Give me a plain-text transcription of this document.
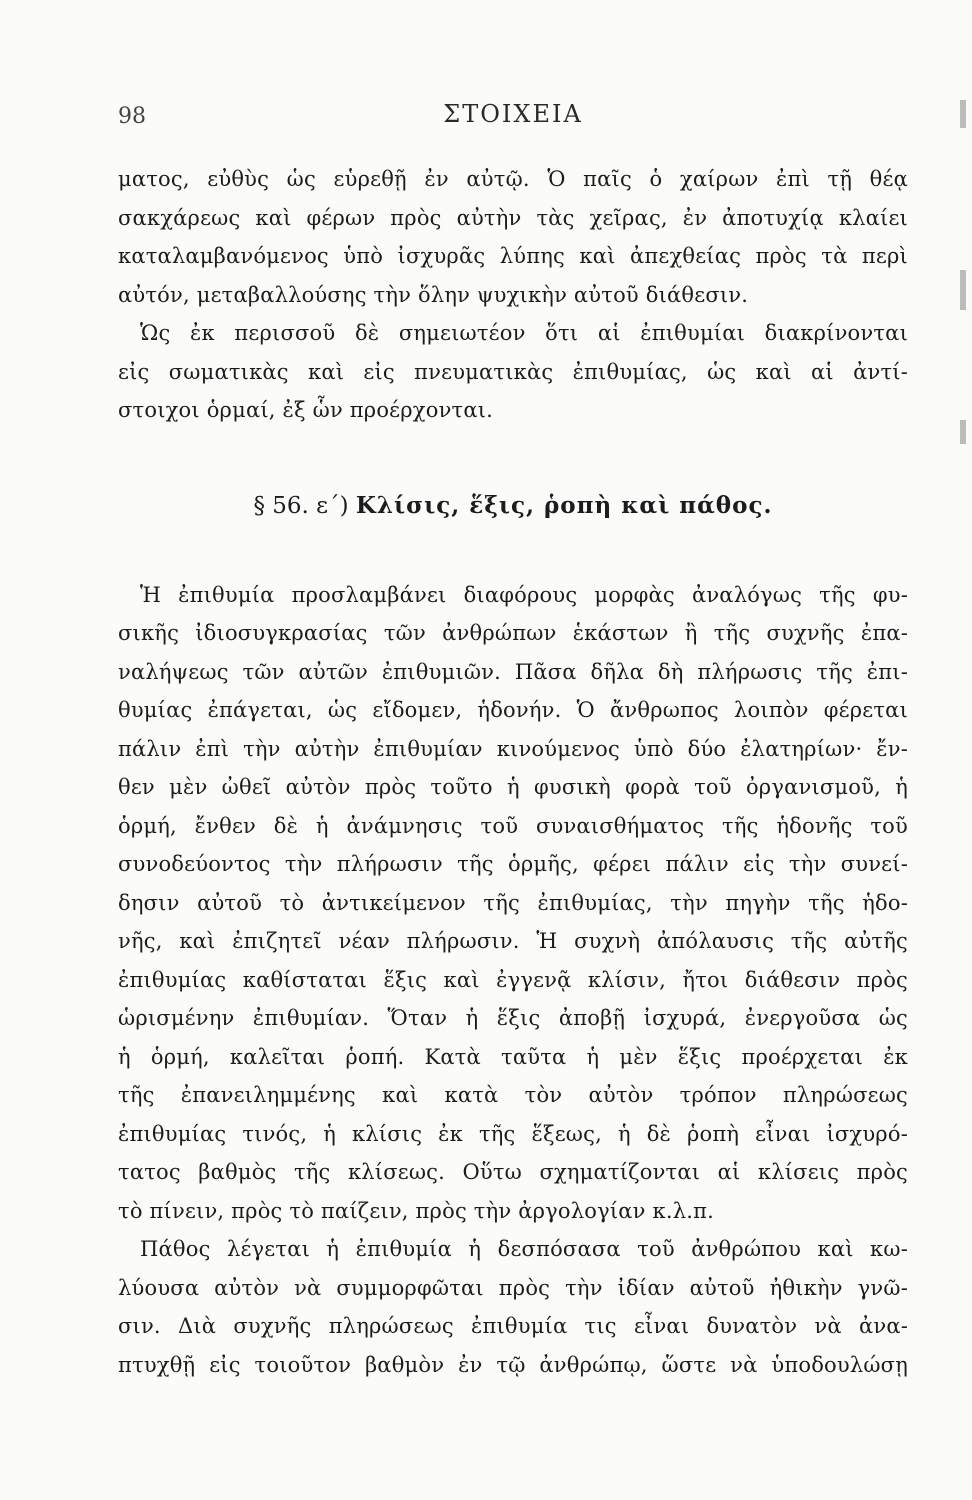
98	ΣΤΟΙΧΕΙΑ
ματος, εὐθὺς ὡς εὑρεθῇ ἐν αὐτῷ. Ὁ παῖς ὁ χαίρων ἐπὶ τῇ θέᾳ
σακχάρεως καὶ φέρων πρὸς αὐτὴν τὰς χεῖρας, ἐν ἀποτυχίᾳ κλαίει
καταλαμβανόμενος ὑπὸ ἰσχυρᾶς λύπης καὶ ἀπεχθείας πρὸς τὰ περὶ
αὐτόν, μεταβαλλούσης τὴν ὅλην ψυχικὴν αὐτοῦ διάθεσιν.
Ὡς ἐκ περισσοῦ δὲ σημειωτέον ὅτι αἱ ἐπιθυμίαι διακρίνονται
εἰς σωματικὰς καὶ εἰς πνευματικὰς ἐπιθυμίας, ὡς καὶ αἱ ἀντί-
στοιχοι ὁρμαί, ἐξ ὧν προέρχονται.
§ 56. ε΄) Κλίσις, ἕξις, ῥοπὴ καὶ πάθος.
Ἡ ἐπιθυμία προσλαμβάνει διαφόρους μορφὰς ἀναλόγως τῆς φυ-
σικῆς ἰδιοσυγκρασίας τῶν ἀνθρώπων ἑκάστων ἢ τῆς συχνῆς ἐπα-
ναλήψεως τῶν αὐτῶν ἐπιθυμιῶν. Πᾶσα δῆλα δὴ πλήρωσις τῆς ἐπι-
θυμίας ἐπάγεται, ὡς εἴδομεν, ἡδονήν. Ὁ ἄνθρωπος λοιπὸν φέρεται
πάλιν ἐπὶ τὴν αὐτὴν ἐπιθυμίαν κινούμενος ὑπὸ δύο ἐλατηρίων· ἔν-
θεν μὲν ὠθεῖ αὐτὸν πρὸς τοῦτο ἡ φυσικὴ φορὰ τοῦ ὀργανισμοῦ, ἡ
ὁρμή, ἔνθεν δὲ ἡ ἀνάμνησις τοῦ συναισθήματος τῆς ἡδονῆς τοῦ
συνοδεύοντος τὴν πλήρωσιν τῆς ὁρμῆς, φέρει πάλιν εἰς τὴν συνεί-
δησιν αὐτοῦ τὸ ἀντικείμενον τῆς ἐπιθυμίας, τὴν πηγὴν τῆς ἡδο-
νῆς, καὶ ἐπιζητεῖ νέαν πλήρωσιν. Ἡ συχνὴ ἀπόλαυσις τῆς αὐτῆς
ἐπιθυμίας καθίσταται ἕξις καὶ ἐγγενᾷ κλίσιν, ἤτοι διάθεσιν πρὸς
ὡρισμένην ἐπιθυμίαν. Ὅταν ἡ ἕξις ἀποβῇ ἰσχυρά, ἐνεργοῦσα ὡς
ἡ ὁρμή, καλεῖται ῥοπή. Κατὰ ταῦτα ἡ μὲν ἕξις προέρχεται ἐκ
τῆς ἐπανειλημμένης καὶ κατὰ τὸν αὐτὸν τρόπον πληρώσεως
ἐπιθυμίας τινός, ἡ κλίσις ἐκ τῆς ἕξεως, ἡ δὲ ῥοπὴ εἶναι ἰσχυρό-
τατος βαθμὸς τῆς κλίσεως. Οὕτω σχηματίζονται αἱ κλίσεις πρὸς
τὸ πίνειν, πρὸς τὸ παίζειν, πρὸς τὴν ἀργολογίαν κ.λ.π.
Πάθος λέγεται ἡ ἐπιθυμία ἡ δεσπόσασα τοῦ ἀνθρώπου καὶ κω-
λύουσα αὐτὸν νὰ συμμορφῶται πρὸς τὴν ἰδίαν αὐτοῦ ἠθικὴν γνῶ-
σιν. Διὰ συχνῆς πληρώσεως ἐπιθυμία τις εἶναι δυνατὸν νὰ ἀνα-
πτυχθῇ εἰς τοιοῦτον βαθμὸν ἐν τῷ ἀνθρώπῳ, ὥστε νὰ ὑποδουλώσῃ
